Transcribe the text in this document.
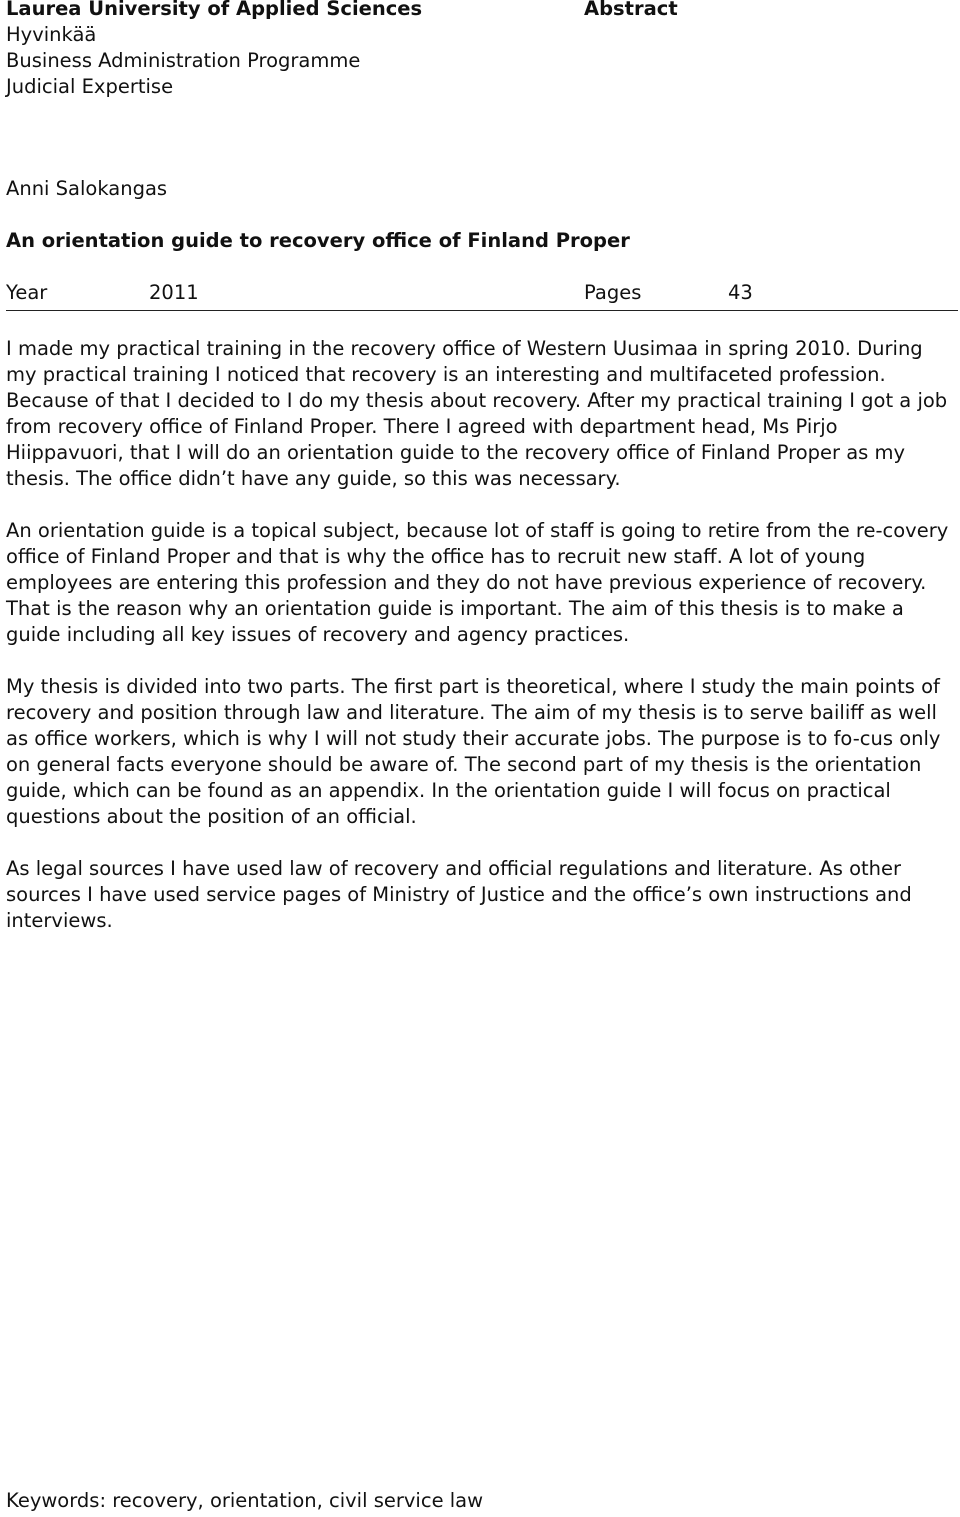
Laurea University of Applied Sciences
Hyvinkää
Business Administration Programme
Judicial Expertise
Abstract
Anni Salokangas
An orientation guide to recovery office of Finland Proper
Year	2011	Pages	43

I made my practical training in the recovery office of Western Uusimaa in spring 2010. During my practical training I noticed that recovery is an interesting and multifaceted profession. Because of that I decided to I do my thesis about recovery. After my practical training I got a job from recovery office of Finland Proper. There I agreed with department head, Ms Pirjo Hiippavuori, that I will do an orientation guide to the recovery office of Finland Proper as my thesis. The office didn’t have any guide, so this was necessary.

An orientation guide is a topical subject, because lot of staff is going to retire from the re-covery office of Finland Proper and that is why the office has to recruit new staff. A lot of young employees are entering this profession and they do not have previous experience of recovery. That is the reason why an orientation guide is important. The aim of this thesis is to make a guide including all key issues of recovery and agency practices.

My thesis is divided into two parts. The first part is theoretical, where I study the main points of recovery and position through law and literature. The aim of my thesis is to serve bailiff as well as office workers, which is why I will not study their accurate jobs. The purpose is to fo-cus only on general facts everyone should be aware of. The second part of my thesis is the orientation guide, which can be found as an appendix. In the orientation guide I will focus on practical questions about the position of an official.

As legal sources I have used law of recovery and official regulations and literature. As other sources I have used service pages of Ministry of Justice and the office’s own instructions and interviews.

Keywords: recovery, orientation, civil service law
